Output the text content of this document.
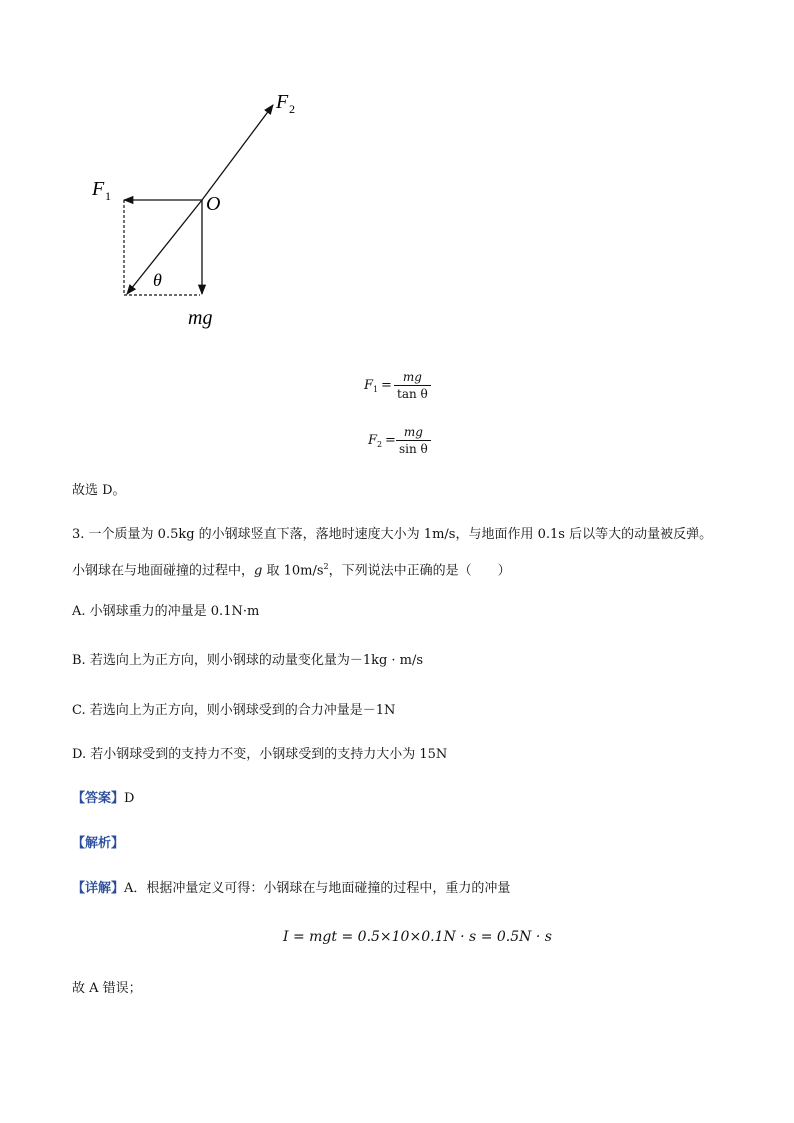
F 2
F 1	O
θ
mg
F $1 = \frac{mg}{\text{tan θ}}$
F $2 = \frac{mg}{\text{sin θ}}$
故选 D。
3. 一个质量为 0.5kg 的小钢球竖直下落，落地时速度大小为 1m/s，与地面作用 0.1s 后以等大的动量被反弹。
小钢球在与地面碰撞的过程中，g 取 $10m/s^2$，下列说法中正确的是（　　）
A. 小钢球重力的冲量是 0.1N·m
B. 若选向上为正方向，则小钢球的动量变化量为－1kg · m/s
C. 若选向上为正方向，则小钢球受到的合力冲量是－1N
D. 若小钢球受到的支持力不变，小钢球受到的支持力大小为 15N
【答案】D
【解析】
【详解】A．根据冲量定义可得：小钢球在与地面碰撞的过程中，重力的冲量
I = mgt = 0.5×10×0.1N · s = 0.5N · s
故 A 错误；
